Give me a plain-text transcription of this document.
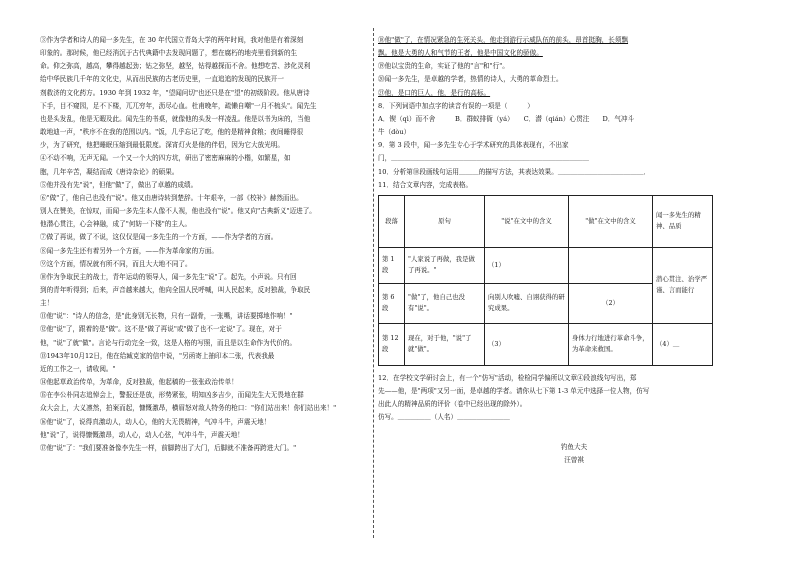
③作为学者和诗人的闻一多先生，在 30 年代国立青岛大学的两年时间，我对他是有着深刻
印象的。那时候，他已经消沉于古代典籍中去发现问题了，想在腐朽的地壳里看到新的生
命。仰之弥高，越高，攀得越起劲；钻之弥坚，越坚，钻得越探而不舍。他想吃苦、涉化灵利
给中华民族几千年的文化史，从而出民族的古老历史里，一直追追的发现的民族开一
剂救济的文化药方。1930 年到 1932 年，"望闻问切"也还只是在"望"的初级阶段。他从唐诗
下手，目不窥园，足不下楼，兀兀穷年，沥尽心血。杜甫晚年，疏懒自嘲"一月不梳头"。闻先生
也是头发乱，他是无暇及此。闻先生的书桌，就像他的头发一样凌乱。他是以书为床的，当他
敢地迪一声，"秩序不在我的范围以内。"饭，几乎忘记了吃，他的是精神食粮；夜间睡得很
少，为了研究，他把睡眠压缩到最低限度。深宵灯火是他的伴侣，因为它大放光明。
④不动不响，无声无闻。一个又一个大的四方坑，研出了密密麻麻的小楷，如繁星，如
胞，几年辛苦，凝结而成《唐诗杂论》的硕果。
⑤他并没有先"说"，但他"做"了，做出了卓越的成绩。
⑥"做"了，他自己也没有"说"。他又由唐诗转到楚辞。十年艰辛，一部《校补》赫然而出。
别人在赞美，在惊叹，而闻一多先生本人像不人视，他也没有"说"。他又向"古典新义"迈进了。
他潜心贯注，心会神融，成了"何妨一下楼"的主人。
⑦做了再说，做了不说，这仅仅是闻一多先生的一个方面，——作为学者的方面。
⑧闻一多先生还有着另外一个方面，——作为革命家的方面。
⑨这个方面，情况就有所不同，而且大大地不同了。
⑩作为争取民主的战士，青年运动的领导人，闻一多先生"说"了。起先，小声说。只有回
到的青年听得到；后来，声音越来越大，他向全国人民呼喊，叫人民起来，反对独裁，争取民
主！
⑪他"说"："诗人的信念，是"此身别无长物，只有一副骨，一张嘴，讲话要掷地作响！"
⑫他"说"了，跟着的是"做"。这不是"做了再说"或"做了也不一定说"了。现在，对于
他，"说"了就"做"。言论与行动完全一致，这是人格的写照，而且是以生命作为代价的。
⑬1943年10月12日，他在给臧克家的信中说，"另函寄上抽印本二张，代表我最
近的工作之一，请收阅。"
⑭他起草政治传单，为革命，反对独裁，他起稿的一张张政治传单！
⑮在李公朴同志追悼会上，警报还是放，形势紧张，明知凶多吉少，而闻先生大无畏地在群
众大会上，大义凛然，拍案而起，慷慨激昂，横眉怒对敌人特务的枪口："你们站出来！你们站出来！"
⑯他"说"了，说得真激动人，动人心，他的大无畏精神，气冲斗牛，声震天地！
他"说"了，说得慷慨激昂，动人心，动人心弦，气冲斗牛，声震天地！
⑰他"说"了："我们要准备像李先生一样，前脚跨出了大门，后脚就不准备再跨进大门。"
⑱他"做"了，在情况紧急的生死关头，他走到游行示威队伍的前头，昂首挺胸，长须飘
飘。他是大勇的人和气节的王者，他是中国文化的骄傲。
⑲他以宝贵的生命，实证了他的"言"和"行"。
⑳闻一多先生，是卓越的学者，热情的诗人，大勇的革命烈士。
㉑他，是口的巨人，他，是行的高标。
8．下列词语中加点字的读音有误的一项是（　　　）
A．锲（qì）而不舍　　　B．群蚁排衙（yá）　　C．潜（qián）心贯注　　D．气冲斗
牛（dòu）
9．第 3 段中，闻一多先生专心于学术研究的具体表现有，不出家
门，＿＿＿＿＿＿＿＿＿＿＿＿＿＿＿＿＿＿＿＿＿＿＿＿＿＿＿＿＿＿
10．分析第⑩段画线句运用＿＿＿的描写方法，其表达效果。＿＿＿＿＿＿＿＿＿＿＿＿＿．
11．结合文章内容，完成表格。
段落	原句	"说"在文中的含义	"做"在文中的含义	闻一多先生的精神、品质
第 1 段	"人家说了再做，我是做了再说。"	（1）		潜心贯注、治学严谨、言而能行
第 6 段	"做"了，他自己也没有"说"。	向别人吹嘘、自诩获得的研究成果。	（2）	
第 12 段	现在，对于他，"说"了就"做"。	（3）	身体力行地进行革命斗争，为革命来救国。	（4）＿
12．在学校文学研讨会上，有一个"仿写"活动，检检同学偏所以文章④段浪线句写出，郑
先——他，是"两项"又另一面，是卓越的学者。请你从七下第 1-3 单元中选择一位人物，仿写
出此人的精神品质的评价（卷中已经出现的除外）。
仿写。＿＿＿＿＿（人名）＿＿＿＿＿＿＿＿
钓鱼大夫
汪曾祺
